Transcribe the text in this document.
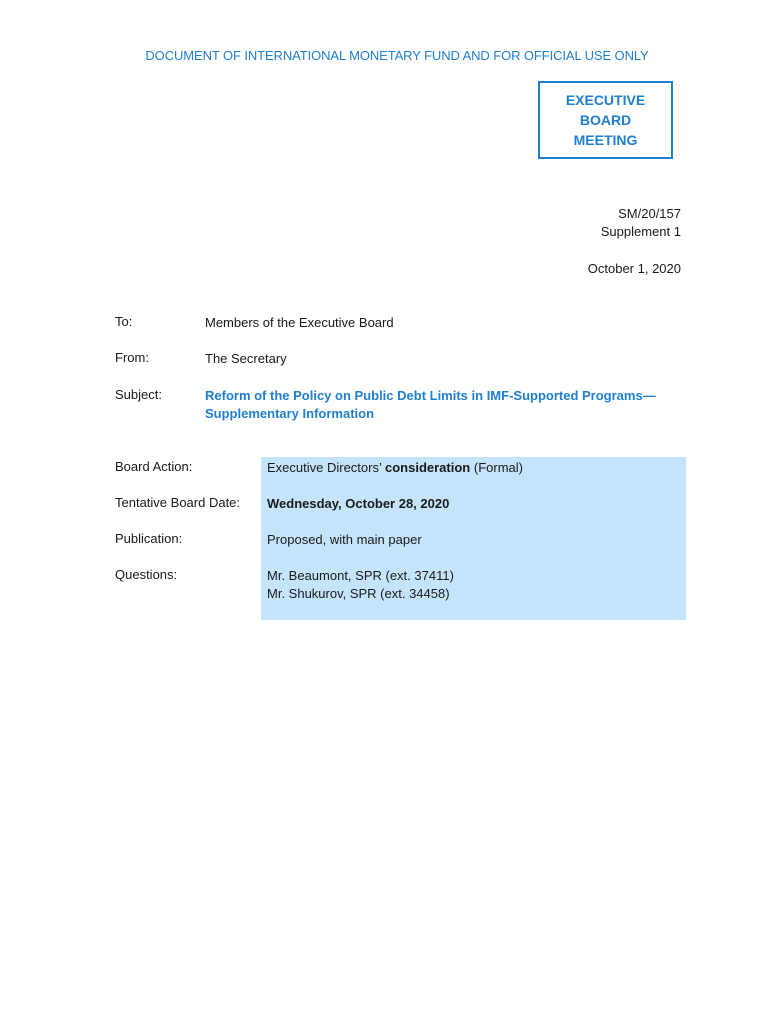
DOCUMENT OF INTERNATIONAL MONETARY FUND AND FOR OFFICIAL USE ONLY
EXECUTIVE
BOARD
MEETING
SM/20/157
Supplement 1
October 1, 2020
To:	Members of the Executive Board
From:	The Secretary
Subject:	Reform of the Policy on Public Debt Limits in IMF-Supported Programs—
Supplementary Information
Board Action:	Executive Directors’ consideration (Formal)
Tentative Board Date: Wednesday, October 28, 2020
Publication:	Proposed, with main paper
Questions:	Mr. Beaumont, SPR (ext. 37411)
Mr. Shukurov, SPR (ext. 34458)
